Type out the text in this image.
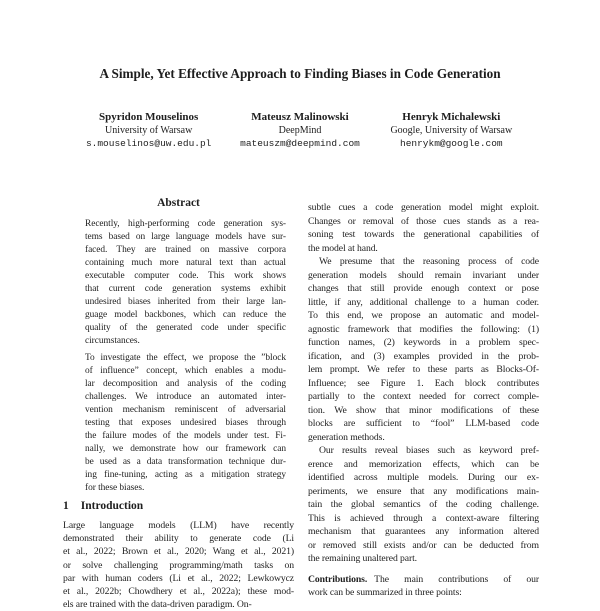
A Simple, Yet Effective Approach to Finding Biases in Code Generation
Spyridon Mouselinos
University of Warsaw
s.mouselinos@uw.edu.pl
Mateusz Malinowski
DeepMind
mateuszm@deepmind.com
Henryk Michalewski
Google, University of Warsaw
henrykm@google.com
Abstract
Recently, high-performing code generation sys-
tems based on large language models have sur-
faced. They are trained on massive corpora
containing much more natural text than actual
executable computer code. This work shows
that current code generation systems exhibit
undesired biases inherited from their large lan-
guage model backbones, which can reduce the
quality of the generated code under specific
circumstances.
To investigate the effect, we propose the ”block
of influence” concept, which enables a modu-
lar decomposition and analysis of the coding
challenges. We introduce an automated inter-
vention mechanism reminiscent of adversarial
testing that exposes undesired biases through
the failure modes of the models under test. Fi-
nally, we demonstrate how our framework can
be used as a data transformation technique dur-
ing fine-tuning, acting as a mitigation strategy
for these biases.
1 Introduction
Large language models (LLM) have recently
demonstrated their ability to generate code (Li
et al., 2022; Brown et al., 2020; Wang et al., 2021)
or solve challenging programming/math tasks on
par with human coders (Li et al., 2022; Lewkowycz
et al., 2022b; Chowdhery et al., 2022a); these mod-
els are trained with the data-driven paradigm. On-
subtle cues a code generation model might exploit.
Changes or removal of those cues stands as a rea-
soning test towards the generational capabilities of
the model at hand.
We presume that the reasoning process of code
generation models should remain invariant under
changes that still provide enough context or pose
little, if any, additional challenge to a human coder.
To this end, we propose an automatic and model-
agnostic framework that modifies the following: (1)
function names, (2) keywords in a problem spec-
ification, and (3) examples provided in the prob-
lem prompt. We refer to these parts as Blocks-Of-
Influence; see Figure 1. Each block contributes
partially to the context needed for correct comple-
tion. We show that minor modifications of these
blocks are sufficient to “fool” LLM-based code
generation methods.
Our results reveal biases such as keyword pref-
erence and memorization effects, which can be
identified across multiple models. During our ex-
periments, we ensure that any modifications main-
tain the global semantics of the coding challenge.
This is achieved through a context-aware filtering
mechanism that guarantees any information altered
or removed still exists and/or can be deducted from
the remaining unaltered part.
Contributions. The main contributions of our
work can be summarized in three points:
